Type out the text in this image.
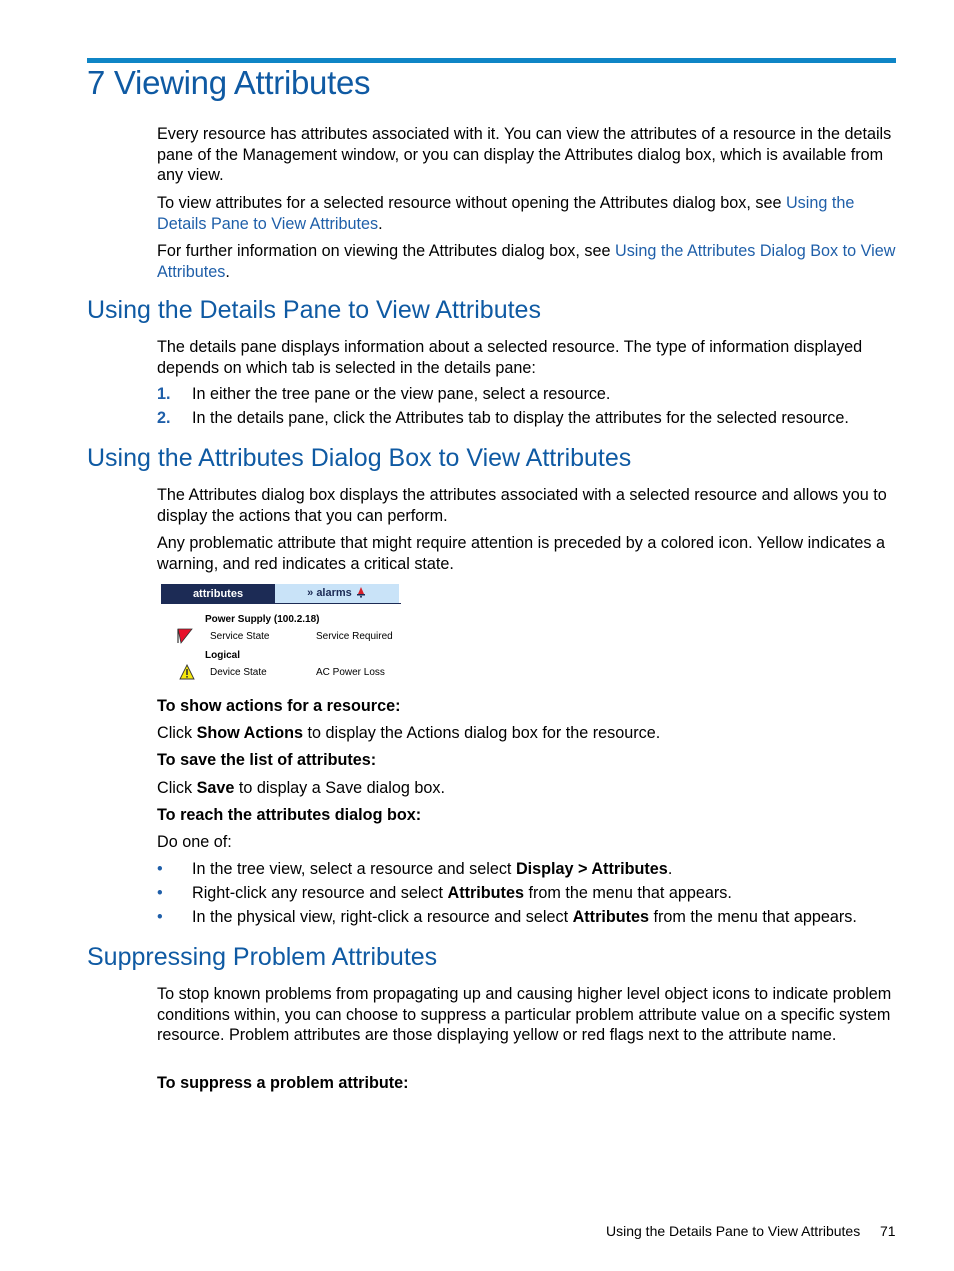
7 Viewing Attributes

Every resource has attributes associated with it. You can view the attributes of a resource in the details pane of the Management window, or you can display the Attributes dialog box, which is available from any view.

To view attributes for a selected resource without opening the Attributes dialog box, see Using the Details Pane to View Attributes.

For further information on viewing the Attributes dialog box, see Using the Attributes Dialog Box to View Attributes.

Using the Details Pane to View Attributes

The details pane displays information about a selected resource. The type of information displayed depends on which tab is selected in the details pane:

1. In either the tree pane or the view pane, select a resource.
2. In the details pane, click the Attributes tab to display the attributes for the selected resource.
Using the Attributes Dialog Box to View Attributes

The Attributes dialog box displays the attributes associated with a selected resource and allows you to display the actions that you can perform.

Any problematic attribute that might require attention is preceded by a colored icon. Yellow indicates a warning, and red indicates a critical state.

attributes	» alarms
Power Supply (100.2.18)
Service State	Service Required
Logical
Device State	AC Power Loss

To show actions for a resource:

Click Show Actions to display the Actions dialog box for the resource.

To save the list of attributes:

Click Save to display a Save dialog box.

To reach the attributes dialog box:

Do one of:

• In the tree view, select a resource and select Display > Attributes.
• Right-click any resource and select Attributes from the menu that appears.
• In the physical view, right-click a resource and select Attributes from the menu that appears.
Suppressing Problem Attributes

To stop known problems from propagating up and causing higher level object icons to indicate problem conditions within, you can choose to suppress a particular problem attribute value on a specific system resource. Problem attributes are those displaying yellow or red flags next to the attribute name.

To suppress a problem attribute:

Using the Details Pane to View Attributes 71
